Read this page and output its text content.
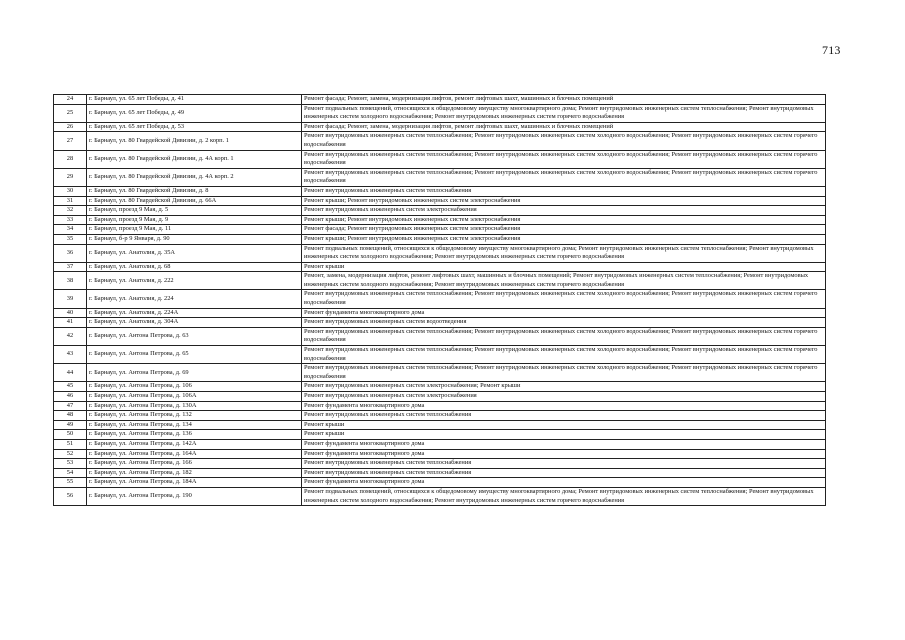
713
24	г. Барнаул, ул. 65 лет Победы, д. 41	Ремонт фасада; Ремонт, замена, модернизация лифтов, ремонт лифтовых шахт, машинных и блочных помещений
25	г. Барнаул, ул. 65 лет Победы, д. 49	Ремонт подвальных помещений, относящихся к общедомовому имуществу многоквартирного дома; Ремонт внутридомовых инженерных систем теплоснабжения; Ремонт внутридомовых инженерных систем холодного водоснабжения; Ремонт внутридомовых инженерных систем горячего водоснабжения
26	г. Барнаул, ул. 65 лет Победы, д. 53	Ремонт фасада; Ремонт, замена, модернизация лифтов, ремонт лифтовых шахт, машинных и блочных помещений
27	г. Барнаул, ул. 80 Гвардейской Дивизии, д. 2 корп. 1	Ремонт внутридомовых инженерных систем теплоснабжения; Ремонт внутридомовых инженерных систем холодного водоснабжения; Ремонт внутридомовых инженерных систем горячего водоснабжения
28	г. Барнаул, ул. 80 Гвардейской Дивизии, д. 4А корп. 1	Ремонт внутридомовых инженерных систем теплоснабжения; Ремонт внутридомовых инженерных систем холодного водоснабжения; Ремонт внутридомовых инженерных систем горячего водоснабжения
29	г. Барнаул, ул. 80 Гвардейской Дивизии, д. 4А корп. 2	Ремонт внутридомовых инженерных систем теплоснабжения; Ремонт внутридомовых инженерных систем холодного водоснабжения; Ремонт внутридомовых инженерных систем горячего водоснабжения
30	г. Барнаул, ул. 80 Гвардейской Дивизии, д. 8	Ремонт внутридомовых инженерных систем теплоснабжения
31	г. Барнаул, ул. 80 Гвардейской Дивизии, д. 66А	Ремонт крыши; Ремонт внутридомовых инженерных систем электроснабжения
32	г. Барнаул, проезд 9 Мая, д. 5	Ремонт внутридомовых инженерных систем электроснабжения
33	г. Барнаул, проезд 9 Мая, д. 9	Ремонт крыши; Ремонт внутридомовых инженерных систем электроснабжения
34	г. Барнаул, проезд 9 Мая, д. 11	Ремонт фасада; Ремонт внутридомовых инженерных систем электроснабжения
35	г. Барнаул, б-р 9 Января, д. 90	Ремонт крыши; Ремонт внутридомовых инженерных систем электроснабжения
36	г. Барнаул, ул. Анатолия, д. 35А	Ремонт подвальных помещений, относящихся к общедомовому имуществу многоквартирного дома; Ремонт внутридомовых инженерных систем теплоснабжения; Ремонт внутридомовых инженерных систем холодного водоснабжения; Ремонт внутридомовых инженерных систем горячего водоснабжения
37	г. Барнаул, ул. Анатолия, д. 68	Ремонт крыши
38	г. Барнаул, ул. Анатолия, д. 222	Ремонт, замена, модернизация лифтов, ремонт лифтовых шахт, машинных и блочных помещений; Ремонт внутридомовых инженерных систем теплоснабжения; Ремонт внутридомовых инженерных систем холодного водоснабжения; Ремонт внутридомовых инженерных систем горячего водоснабжения
39	г. Барнаул, ул. Анатолия, д. 224	Ремонт внутридомовых инженерных систем теплоснабжения; Ремонт внутридомовых инженерных систем холодного водоснабжения; Ремонт внутридомовых инженерных систем горячего водоснабжения
40	г. Барнаул, ул. Анатолия, д. 224А	Ремонт фундамента многоквартирного дома
41	г. Барнаул, ул. Анатолия, д. 304А	Ремонт внутридомовых инженерных систем водоотведения
42	г. Барнаул, ул. Антона Петрова, д. 63	Ремонт внутридомовых инженерных систем теплоснабжения; Ремонт внутридомовых инженерных систем холодного водоснабжения; Ремонт внутридомовых инженерных систем горячего водоснабжения
43	г. Барнаул, ул. Антона Петрова, д. 65	Ремонт внутридомовых инженерных систем теплоснабжения; Ремонт внутридомовых инженерных систем холодного водоснабжения; Ремонт внутридомовых инженерных систем горячего водоснабжения
44	г. Барнаул, ул. Антона Петрова, д. 69	Ремонт внутридомовых инженерных систем теплоснабжения; Ремонт внутридомовых инженерных систем холодного водоснабжения; Ремонт внутридомовых инженерных систем горячего водоснабжения
45	г. Барнаул, ул. Антона Петрова, д. 106	Ремонт внутридомовых инженерных систем электроснабжения; Ремонт крыши
46	г. Барнаул, ул. Антона Петрова, д. 106А	Ремонт внутридомовых инженерных систем электроснабжения
47	г. Барнаул, ул. Антона Петрова, д. 130А	Ремонт фундамента многоквартирного дома
48	г. Барнаул, ул. Антона Петрова, д. 132	Ремонт внутридомовых инженерных систем теплоснабжения
49	г. Барнаул, ул. Антона Петрова, д. 134	Ремонт крыши
50	г. Барнаул, ул. Антона Петрова, д. 136	Ремонт крыши
51	г. Барнаул, ул. Антона Петрова, д. 142А	Ремонт фундамента многоквартирного дома
52	г. Барнаул, ул. Антона Петрова, д. 164А	Ремонт фундамента многоквартирного дома
53	г. Барнаул, ул. Антона Петрова, д. 166	Ремонт внутридомовых инженерных систем теплоснабжения
54	г. Барнаул, ул. Антона Петрова, д. 182	Ремонт внутридомовых инженерных систем теплоснабжения
55	г. Барнаул, ул. Антона Петрова, д. 184А	Ремонт фундамента многоквартирного дома
56	г. Барнаул, ул. Антона Петрова, д. 190	Ремонт подвальных помещений, относящихся к общедомовому имуществу многоквартирного дома; Ремонт внутридомовых инженерных систем теплоснабжения; Ремонт внутридомовых инженерных систем холодного водоснабжения; Ремонт внутридомовых инженерных систем горячего водоснабжения
